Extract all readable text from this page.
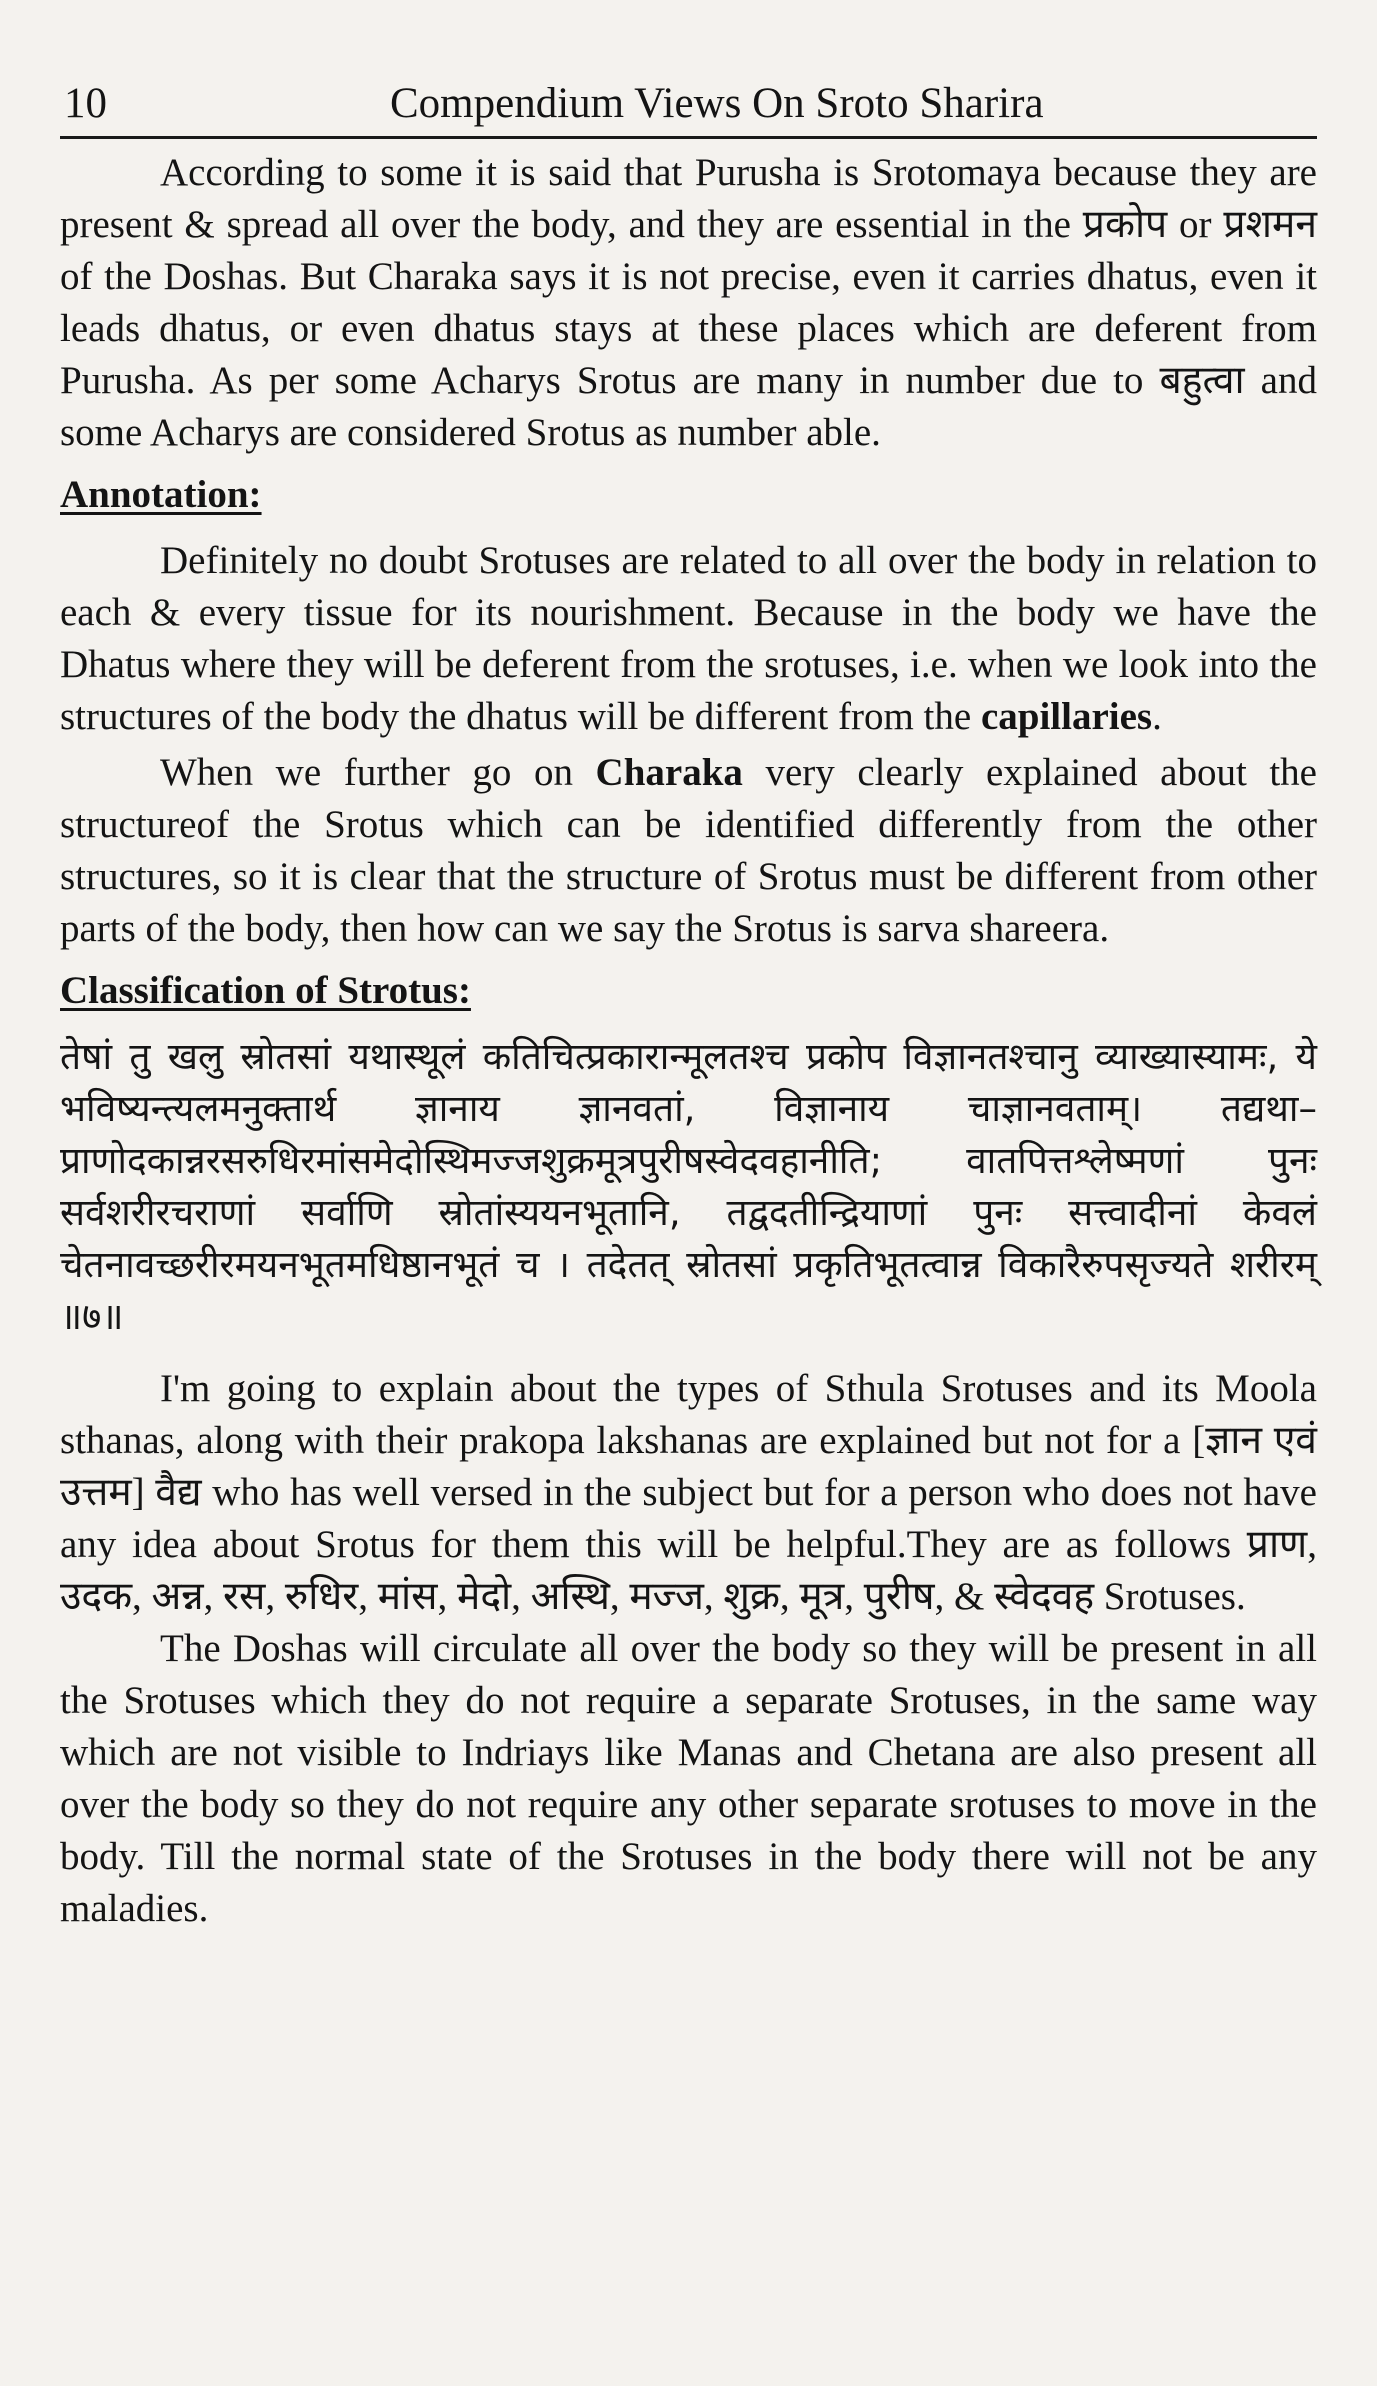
10	Compendium Views On Sroto Sharira

According to some it is said that Purusha is Srotomaya because they are present & spread all over the body, and they are essential in the प्रकोप or प्रशमन of the Doshas. But Charaka says it is not precise, even it carries dhatus, even it leads dhatus, or even dhatus stays at these places which are deferent from Purusha. As per some Acharys Srotus are many in number due to बहुत्वा and some Acharys are considered Srotus as number able.

Annotation:

Definitely no doubt Srotuses are related to all over the body in relation to each & every tissue for its nourishment. Because in the body we have the Dhatus where they will be deferent from the srotuses, i.e. when we look into the structures of the body the dhatus will be different from the capillaries.

When we further go on Charaka very clearly explained about the structureof the Srotus which can be identified differently from the other structures, so it is clear that the structure of Srotus must be different from other parts of the body, then how can we say the Srotus is sarva shareera.

Classification of Strotus:
तेषां तु खलु स्रोतसां यथास्थूलं कतिचित्प्रकारान्मूलतश्च प्रकोप विज्ञानतश्चानु व्याख्यास्यामः, ये भविष्यन्त्यलमनुक्तार्थ ज्ञानाय ज्ञानवतां, विज्ञानाय चाज्ञानवताम्। तद्यथा–प्राणोदकान्नरसरुधिरमांसमेदोस्थिमज्जशुक्रमूत्रपुरीषस्वेदवहानीति; वातपित्तश्लेष्मणां पुनः सर्वशरीरचराणां सर्वाणि स्रोतांस्ययनभूतानि, तद्वदतीन्द्रियाणां पुनः सत्त्वादीनां केवलं चेतनावच्छरीरमयनभूतमधिष्ठानभूतं च । तदेतत् स्रोतसां प्रकृतिभूतत्वान्न विकारैरुपसृज्यते शरीरम् ॥७॥

I'm going to explain about the types of Sthula Srotuses and its Moola sthanas, along with their prakopa lakshanas are explained but not for a [ज्ञान एवं उत्तम] वैद्य who has well versed in the subject but for a person who does not have any idea about Srotus for them this will be helpful.They are as follows प्राण, उदक, अन्न, रस, रुधिर, मांस, मेदो, अस्थि, मज्ज, शुक्र, मूत्र, पुरीष, & स्वेदवह Srotuses.

The Doshas will circulate all over the body so they will be present in all the Srotuses which they do not require a separate Srotuses, in the same way which are not visible to Indriays like Manas and Chetana are also present all over the body so they do not require any other separate srotuses to move in the body. Till the normal state of the Srotuses in the body there will not be any maladies.
